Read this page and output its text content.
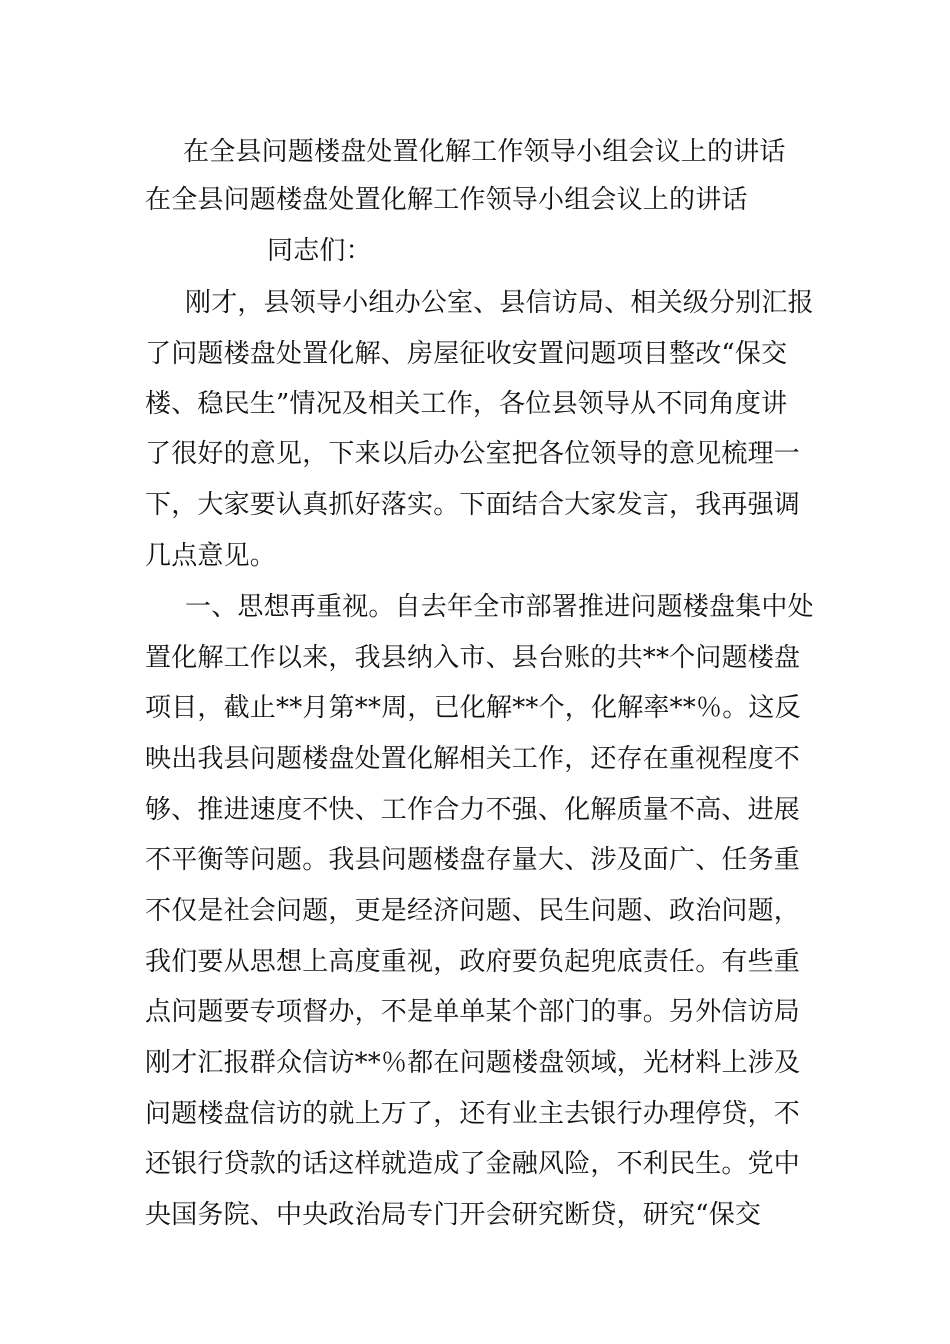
在全县问题楼盘处置化解工作领导小组会议上的讲话
在全县问题楼盘处置化解工作领导小组会议上的讲话
同志们：
刚才，县领导小组办公室、县信访局、相关级分别汇报
了问题楼盘处置化解、房屋征收安置问题项目整改“保交
楼、稳民生”情况及相关工作，各位县领导从不同角度讲
了很好的意见，下来以后办公室把各位领导的意见梳理一
下，大家要认真抓好落实。下面结合大家发言，我再强调
几点意见。
一、思想再重视。自去年全市部署推进问题楼盘集中处
置化解工作以来，我县纳入市、县台账的共**个问题楼盘
项目，截止**月第**周，已化解**个，化解率**％。这反
映出我县问题楼盘处置化解相关工作，还存在重视程度不
够、推进速度不快、工作合力不强、化解质量不高、进展
不平衡等问题。我县问题楼盘存量大、涉及面广、任务重
不仅是社会问题，更是经济问题、民生问题、政治问题，
我们要从思想上高度重视，政府要负起兜底责任。有些重
点问题要专项督办，不是单单某个部门的事。另外信访局
刚才汇报群众信访**％都在问题楼盘领域，光材料上涉及
问题楼盘信访的就上万了，还有业主去银行办理停贷，不
还银行贷款的话这样就造成了金融风险，不利民生。党中
央国务院、中央政治局专门开会研究断贷，研究“保交
